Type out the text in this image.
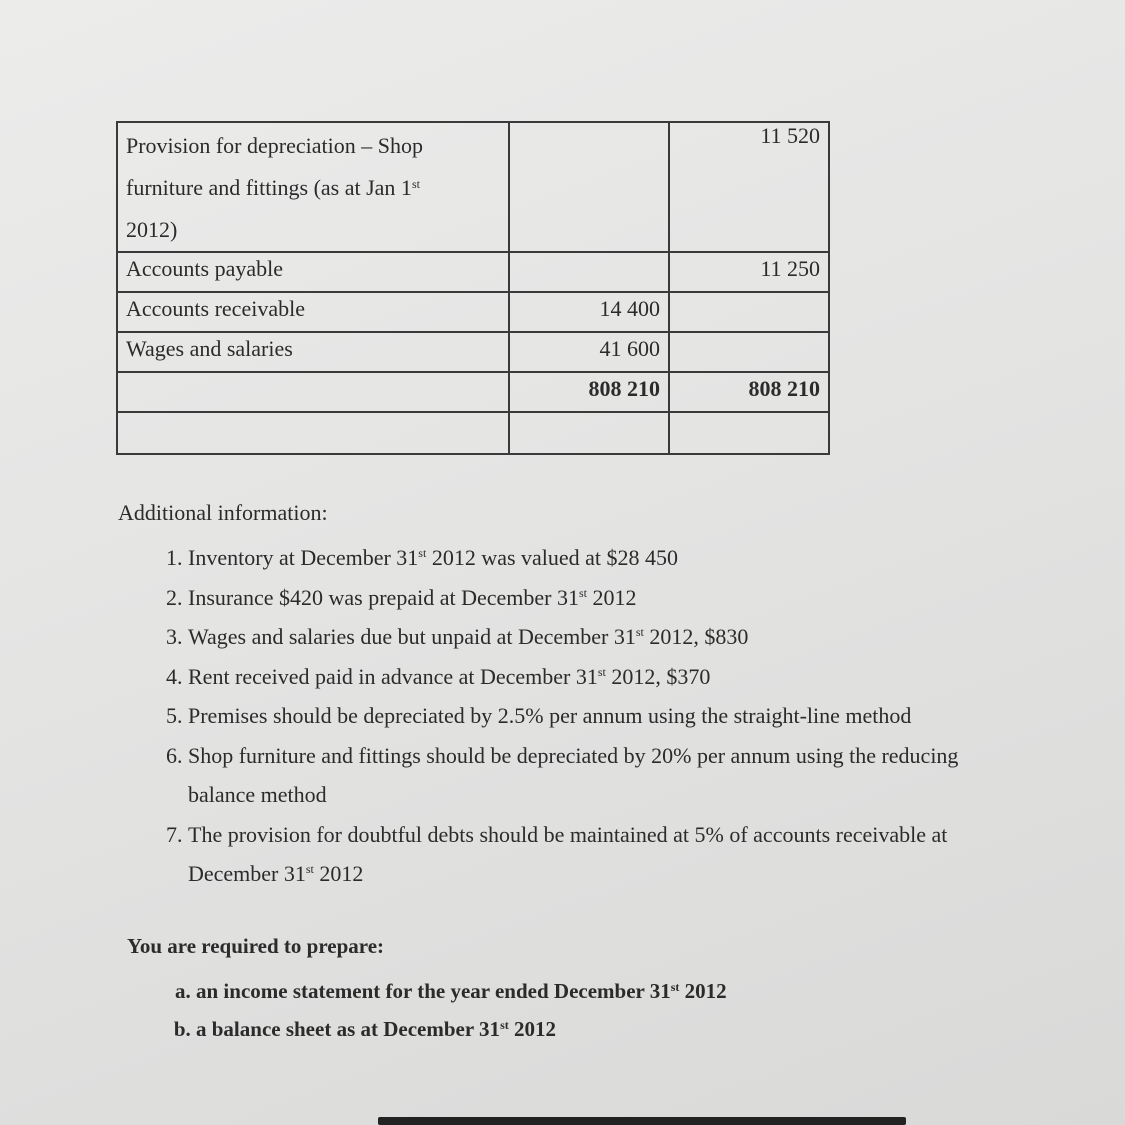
Provision for depreciation – Shop
furniture and fittings (as at Jan 1st
2012)		11 520
Accounts payable		11 250
Accounts receivable	14 400	
Wages and salaries	41 600	
	808 210	808 210

Additional information:
1. Inventory at December 31st 2012 was valued at $28 450
2. Insurance $420 was prepaid at December 31st 2012
3. Wages and salaries due but unpaid at December 31st 2012, $830
4. Rent received paid in advance at December 31st 2012, $370
5. Premises should be depreciated by 2.5% per annum using the straight-line method
6. Shop furniture and fittings should be depreciated by 20% per annum using the reducing balance method
7. The provision for doubtful debts should be maintained at 5% of accounts receivable at December 31st 2012
You are required to prepare:
a. an income statement for the year ended December 31st 2012
b. a balance sheet as at December 31st 2012
